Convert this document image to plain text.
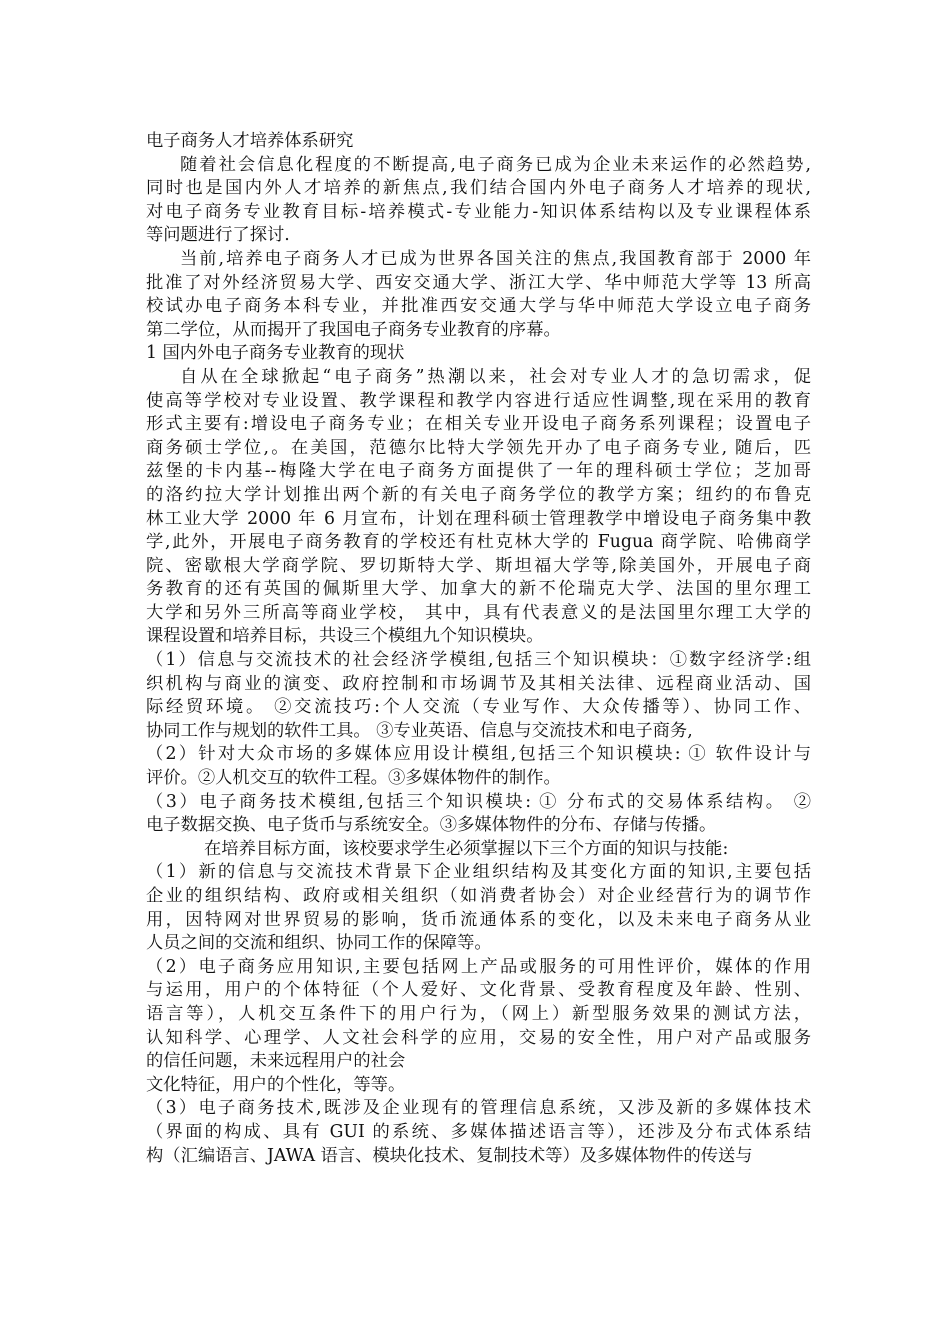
电子商务人才培养体系研究
随着社会信息化程度的不断提高,电子商务已成为企业未来运作的必然趋势,
同时也是国内外人才培养的新焦点,我们结合国内外电子商务人才培养的现状,
对电子商务专业教育目标-培养模式-专业能力-知识体系结构以及专业课程体系
等问题进行了探讨.
当前,培养电子商务人才已成为世界各国关注的焦点,我国教育部于 2000 年
批准了对外经济贸易大学、西安交通大学、浙江大学、华中师范大学等 13 所高
校试办电子商务本科专业，并批准西安交通大学与华中师范大学设立电子商务
第二学位，从而揭开了我国电子商务专业教育的序幕。
1 国内外电子商务专业教育的现状
自从在全球掀起“电子商务”热潮以来，社会对专业人才的急切需求，促
使高等学校对专业设置、教学课程和教学内容进行适应性调整,现在采用的教育
形式主要有:增设电子商务专业；在相关专业开设电子商务系列课程；设置电子
商务硕士学位,。在美国，范德尔比特大学领先开办了电子商务专业, 随后，匹
兹堡的卡内基--梅隆大学在电子商务方面提供了一年的理科硕士学位；芝加哥
的洛约拉大学计划推出两个新的有关电子商务学位的教学方案；纽约的布鲁克
林工业大学 2000 年 6 月宣布，计划在理科硕士管理教学中增设电子商务集中教
学,此外，开展电子商务教育的学校还有杜克林大学的 Fugua 商学院、哈佛商学
院、密歇根大学商学院、罗切斯特大学、斯坦福大学等,除美国外，开展电子商
务教育的还有英国的佩斯里大学、加拿大的新不伦瑞克大学、法国的里尔理工
大学和另外三所高等商业学校， 其中，具有代表意义的是法国里尔理工大学的
课程设置和培养目标，共设三个模组九个知识模块。
（1）信息与交流技术的社会经济学模组,包括三个知识模块：①数字经济学:组
织机构与商业的演变、政府控制和市场调节及其相关法律、远程商业活动、国
际经贸环境。 ②交流技巧:个人交流（专业写作、大众传播等）、协同工作、
协同工作与规划的软件工具。 ③专业英语、信息与交流技术和电子商务,
（2）针对大众市场的多媒体应用设计模组,包括三个知识模块: ① 软件设计与
评价。②人机交互的软件工程。③多媒体物件的制作。
（3）电子商务技术模组,包括三个知识模块: ① 分布式的交易体系结构。 ②
电子数据交换、电子货币与系统安全。③多媒体物件的分布、存储与传播。
在培养目标方面，该校要求学生必须掌握以下三个方面的知识与技能:
（1）新的信息与交流技术背景下企业组织结构及其变化方面的知识,主要包括
企业的组织结构、政府或相关组织（如消费者协会）对企业经营行为的调节作
用，因特网对世界贸易的影响，货币流通体系的变化，以及未来电子商务从业
人员之间的交流和组织、协同工作的保障等。
（2）电子商务应用知识,主要包括网上产品或服务的可用性评价，媒体的作用
与运用，用户的个体特征（个人爱好、文化背景、受教育程度及年龄、性别、
语言等），人机交互条件下的用户行为，（网上）新型服务效果的测试方法，
认知科学、心理学、人文社会科学的应用，交易的安全性，用户对产品或服务
的信任问题，未来远程用户的社会
文化特征，用户的个性化，等等。
（3）电子商务技术,既涉及企业现有的管理信息系统，又涉及新的多媒体技术
（界面的构成、具有 GUI 的系统、多媒体描述语言等），还涉及分布式体系结
构（汇编语言、JAWA 语言、模块化技术、复制技术等）及多媒体物件的传送与
